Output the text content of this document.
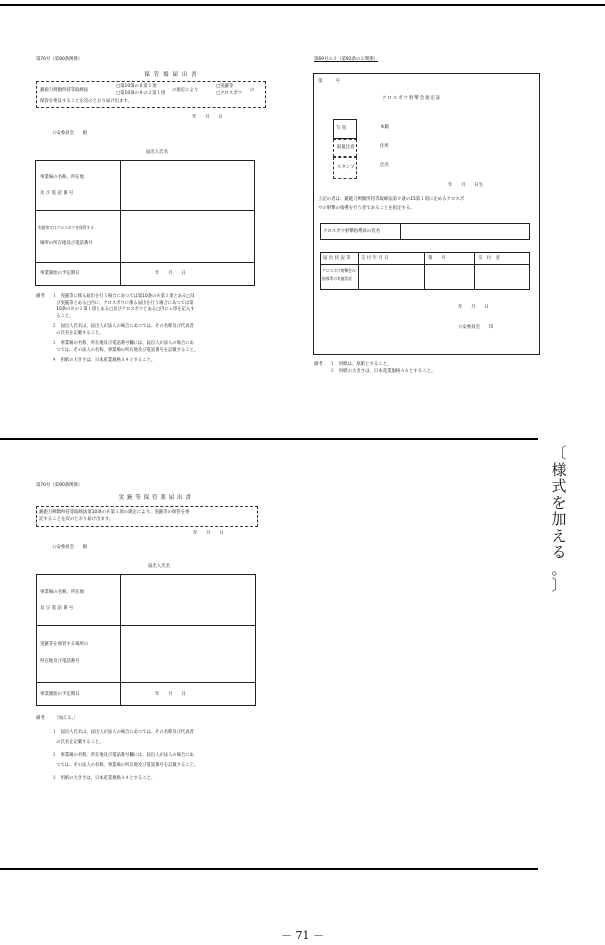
第70号（第90条関係）
保 管 場 届 出 書
銃砲刀剣類所持等取締法
□第10条の８第１項
□第10条の８の２第１項
の規定により
□実銃等
□クロスボウ
の
保管を委託することを次のとおり届け出ます。
年　　月　　日
公安委員会　　殿
届出人氏名
事業場の名称、所在地
及 び 電 話 番 号
実銃等又はクロスボウを保管する
場所の所在地及び電話番号
事業開始の予定期日	年　　月　　日
備考 １　実銃等に係る届出を行う場合にあつては第10条の８第１項とある□及
　び実銃等とある□内に、クロスボウに係る届出を行う場合にあつては第
　10条の８の２第１項とある□及びクロスボウとある□内にレ印を記入す
　ること。
２　届出人氏名は、届出人が法人の場合にあつては、その名称及び代表者
　の氏名を記載すること。
３　事業場の名称、所在地及び電話番号欄には、届出人が法人の場合にあ
　つては、その法人の名称、事業場の所在地及び電話番号を記載すること。
４　用紙の大きさは、日本産業規格Ａ４とすること。
第69号の２（第92条の２関係）
第　　　号
クロスボウ射撃会指定証
写 真
取扱注意
スタンプ
本籍
住所
氏名
年　　月　　日生
上記の者は、銃砲刀剣類所持等取締法第９条の15第１項に定めるクロスボ
ウの射撃の指導を行う者であることを指定する。
クロスボウ射撃指導員の氏名
届 出 状 況 等 交 付 年 月 日	番　　号	交　付　者
クロスボウ射撃会の
指導等の実施状況
年　　月　　日
公安委員会　　印
備考 １　用紙は、厚紙とすること。
２　用紙の大きさは、日本産業規格Ａ６とすること。
第70号（第90条関係）
実 銃 等 保 管 業 届 出 書
銃砲刀剣類所持等取締法第10条の８第１項の規定により、実銃等の保管を委
託することを次のとおり届け出ます。
年　　月　　日
公安委員会　　殿
届出人氏名
事業場の名称、所在地
及 び 電 話 番 号
実銃等を保管する場所の
所在地及び電話番号
事業開始の予定期日	年　　月　　日
備考 〔加える。〕
１　届出人氏名は、届出人が法人の場合にあつては、その名称及び代表者
　の氏名を記載すること。
２　事業場の名称、所在地及び電話番号欄には、届出人が法人の場合にあ
　つては、その法人の名称、事業場の所在地及び電話番号を記載すること。
３　用紙の大きさは、日本産業規格Ａ４とすること。
〔
様
式
を
加
え
る
。
〕
－ 71 －
